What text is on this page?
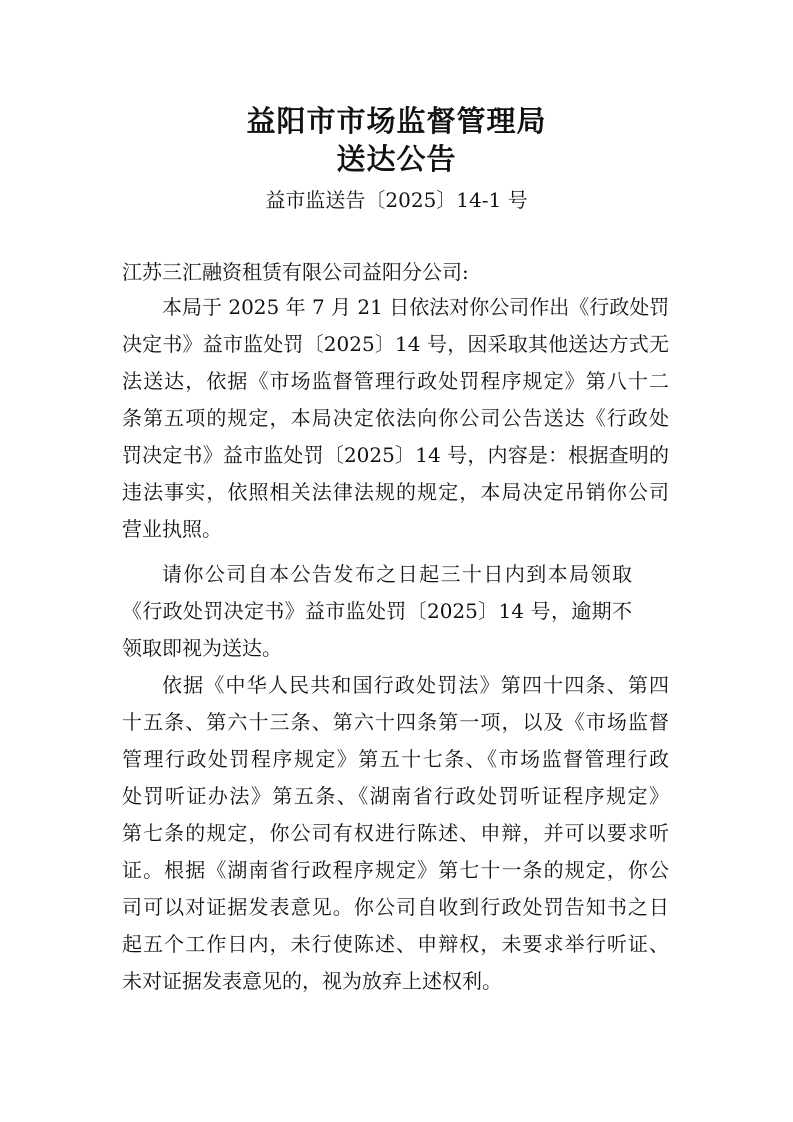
益阳市市场监督管理局
送达公告
益市监送告〔2025〕14-1 号
江苏三汇融资租赁有限公司益阳分公司:
本局于 2025 年 7 月 21 日依法对你公司作出《行政处罚
决定书》益市监处罚〔2025〕14 号，因采取其他送达方式无
法送达，依据《市场监督管理行政处罚程序规定》第八十二
条第五项的规定，本局决定依法向你公司公告送达《行政处
罚决定书》益市监处罚〔2025〕14 号，内容是：根据查明的
违法事实，依照相关法律法规的规定，本局决定吊销你公司
营业执照。
请你公司自本公告发布之日起三十日内到本局领取
《行政处罚决定书》益市监处罚〔2025〕14 号，逾期不
领取即视为送达。
依据《中华人民共和国行政处罚法》第四十四条、第四
十五条、第六十三条、第六十四条第一项，以及《市场监督
管理行政处罚程序规定》第五十七条、《市场监督管理行政
处罚听证办法》第五条、《湖南省行政处罚听证程序规定》
第七条的规定，你公司有权进行陈述、申辩，并可以要求听
证。根据《湖南省行政程序规定》第七十一条的规定，你公
司可以对证据发表意见。你公司自收到行政处罚告知书之日
起五个工作日内，未行使陈述、申辩权，未要求举行听证、
未对证据发表意见的，视为放弃上述权利。
